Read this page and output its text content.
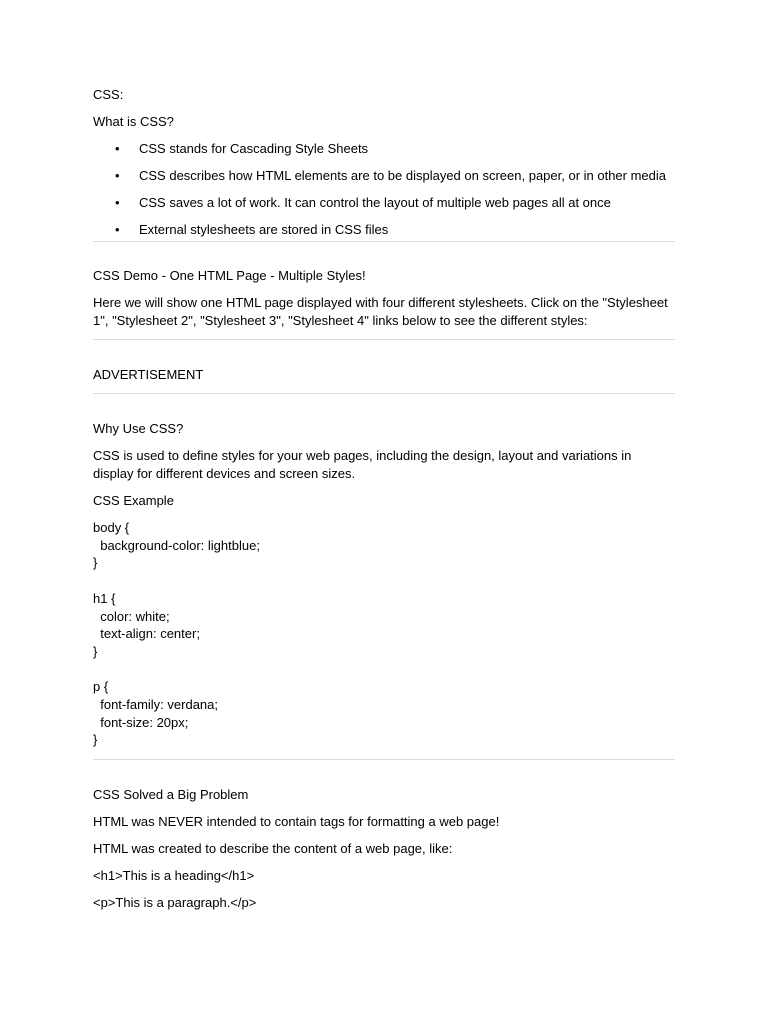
CSS:

What is CSS?

• CSS stands for Cascading Style Sheets
• CSS describes how HTML elements are to be displayed on screen, paper, or in other media
• CSS saves a lot of work. It can control the layout of multiple web pages all at once
• External stylesheets are stored in CSS files

CSS Demo - One HTML Page - Multiple Styles!

Here we will show one HTML page displayed with four different stylesheets. Click on the "Stylesheet 1", "Stylesheet 2", "Stylesheet 3", "Stylesheet 4" links below to see the different styles:

ADVERTISEMENT

Why Use CSS?

CSS is used to define styles for your web pages, including the design, layout and variations in display for different devices and screen sizes.

CSS Example

body {

background-color: lightblue;

}

h1 {

color: white;

text-align: center;

}

p {

font-family: verdana;

font-size: 20px;

}

CSS Solved a Big Problem

HTML was NEVER intended to contain tags for formatting a web page!

HTML was created to describe the content of a web page, like:

<h1>This is a heading</h1>

<p>This is a paragraph.</p>
